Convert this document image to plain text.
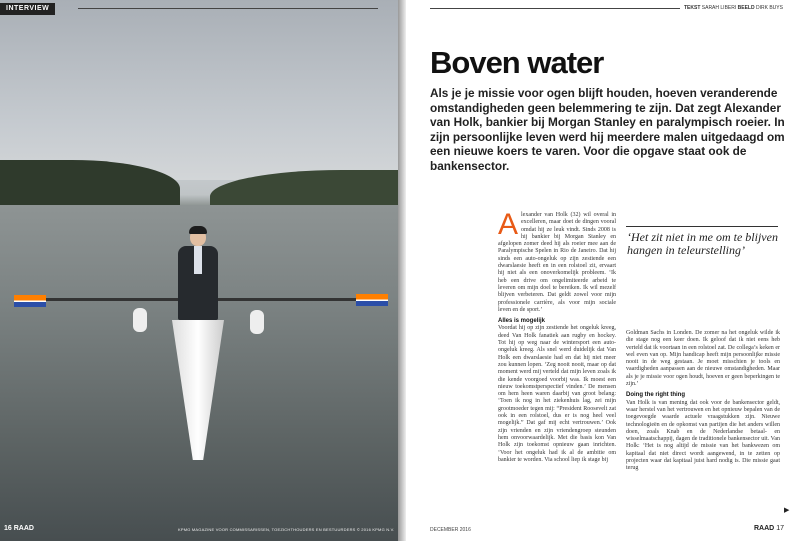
INTERVIEW
16 RAAD	KPMG MAGAZINE VOOR COMMISSARISSEN, TOEZICHTHOUDERS EN BESTUURDERS © 2016 KPMG N.V.
TEKST SARAH LIBERI BEELD DIRK BUYS
Boven water

Als je je missie voor ogen blijft houden, hoeven veranderende omstandigheden geen belemmering te zijn. Dat zegt Alexander van Holk, bankier bij Morgan Stanley en paralympisch roeier. In zijn persoonlijke leven werd hij meerdere malen uitgedaagd om een nieuwe koers te varen. Voor die opgave staat ook de bankensector.

A lexander van Holk (32) wil overal in excelleren, maar doet de dingen vooral omdat hij ze leuk vindt. Sinds 2008 is hij bankier bij Morgan Stanley en afgelopen zomer deed hij als roeier mee aan de Paralympische Spelen in Rio de Janeiro. Dat hij sinds een auto-ongeluk op zijn zestiende een dwarslaesie heeft en in een rolstoel zit, ervaart hij niet als een onoverkomelijk probleem. ‘Ik heb een drive om ongelimiteerde arbeid te leveren om mijn doel te bereiken. Ik wil mezelf blijven verbeteren. Dat geldt zowel voor mijn professionele carrière, als voor mijn sociale leven en de sport.’
Alles is mogelijk
Voordat hij op zijn zestiende het ongeluk kreeg, deed Van Holk fanatiek aan rugby en hockey. Tot hij op weg naar de wintersport een auto-ongeluk kreeg. Als snel werd duidelijk dat Van Holk een dwarslaesie had en dat hij niet meer zou kunnen lopen. ‘Zeg nooit nooit, maar op dat moment werd mij verteld dat mijn leven zoals ik die kende voorgoed voorbij was. Ik moest een nieuw toekomstperspectief vinden.’ De mensen om hem heen waren daarbij van groot belang: ‘Toen ik nog in het ziekenhuis lag, zei mijn grootmoeder tegen mij: “President Roosevelt zat ook in een rolstoel, dus er is nog heel veel mogelijk.” Dat gaf mij echt vertrouwen.’ Ook zijn vrienden en zijn vriendengroep steunden hem onvoorwaardelijk. Met die basis kon Van Holk zijn toekomst opnieuw gaan inrichten. ‘Voor het ongeluk had ik al de ambitie om bankier te worden. Via school liep ik stage bij
‘Het zit niet in me om te blijven hangen in teleurstelling’
Goldman Sachs in Londen. De zomer na het ongeluk wilde ik die stage nog een keer doen. Ik geloof dat ik niet eens heb verteld dat ik voortaan in een rolstoel zat. De collega’s keken er wel even van op. Mijn handicap heeft mijn persoonlijke missie nooit in de weg gestaan. Je moet misschien je tools en vaardigheden aanpassen aan de nieuwe omstandigheden. Maar als je je missie voor ogen houdt, hoeven er geen beperkingen te zijn.’
Doing the right thing
Van Holk is van mening dat ook voor de bankensector geldt, waar herstel van het vertrouwen en het opnieuw bepalen van de toegevoegde waarde actuele vraagstukken zijn. Nieuwe technologieën en de opkomst van partijen die het anders willen doen, zoals Knab en de Nederlandse betaal- en wisselmaatschappij, dagen de traditionele bankensector uit. Van Holk: ‘Het is nog altijd de missie van het bankwezen om kapitaal dat niet direct wordt aangewend, in te zetten op projecten waar dat kapitaal juist hard nodig is. Die missie gaat terug
▶
DECEMBER 2016	RAAD 17
